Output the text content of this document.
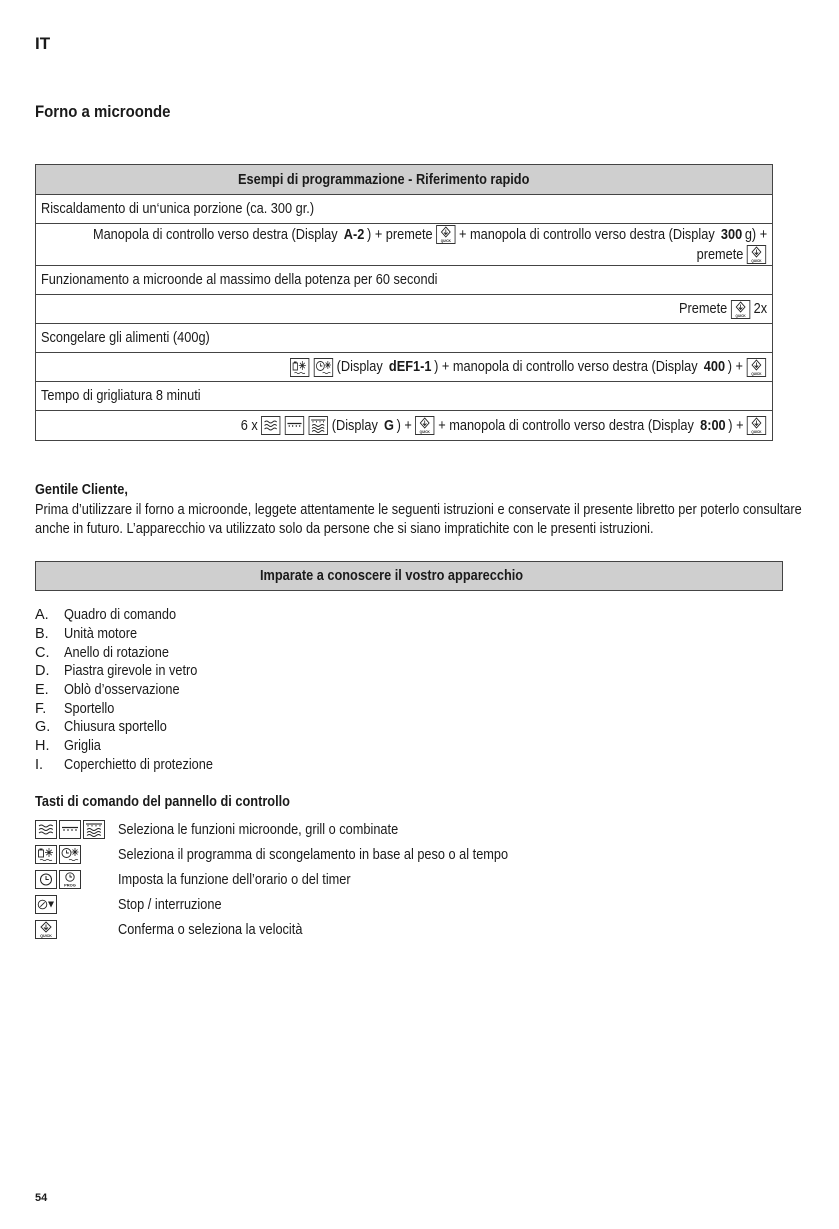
IT
Forno a microonde
Esempi di programmazione - Riferimento rapido
Riscaldamento di un‘unica porzione (ca. 300 gr.)
Manopola di controllo verso destra (Display A-2 ) + premete + manopola di controllo verso destra (Display 300 g) +
premete
Funzionamento a microonde al massimo della potenza per 60 secondi
Premete 2x
Scongelare gli alimenti (400g)
(Display dEF1-1 ) + manopola di controllo verso destra (Display 400 ) +
Tempo di grigliatura 8 minuti
6 x	(Display G ) + + manopola di controllo verso destra (Display 8:00 ) +
Gentile Cliente,
Prima d’utilizzare il forno a microonde, leggete attentamente le seguenti istruzioni e conservate il presente libretto per poterlo consultare anche in futuro. L’apparecchio va utilizzato solo da persone che si siano impratichite con le presenti istruzioni.
Imparate a conoscere il vostro apparecchio
A.	Quadro di comando
B.	Unità motore
C.	Anello di rotazione
D.	Piastra girevole in vetro
E.	Oblò d’osservazione
F.	Sportello
G. Chiusura sportello
H.	Griglia
I.	Coperchietto di protezione
Tasti di comando del pannello di controllo
Seleziona le funzioni microonde, grill o combinate
Seleziona il programma di scongelamento in base al peso o al tempo
Imposta la funzione dell’orario o del timer
Stop / interruzione
Conferma o seleziona la velocità
54
